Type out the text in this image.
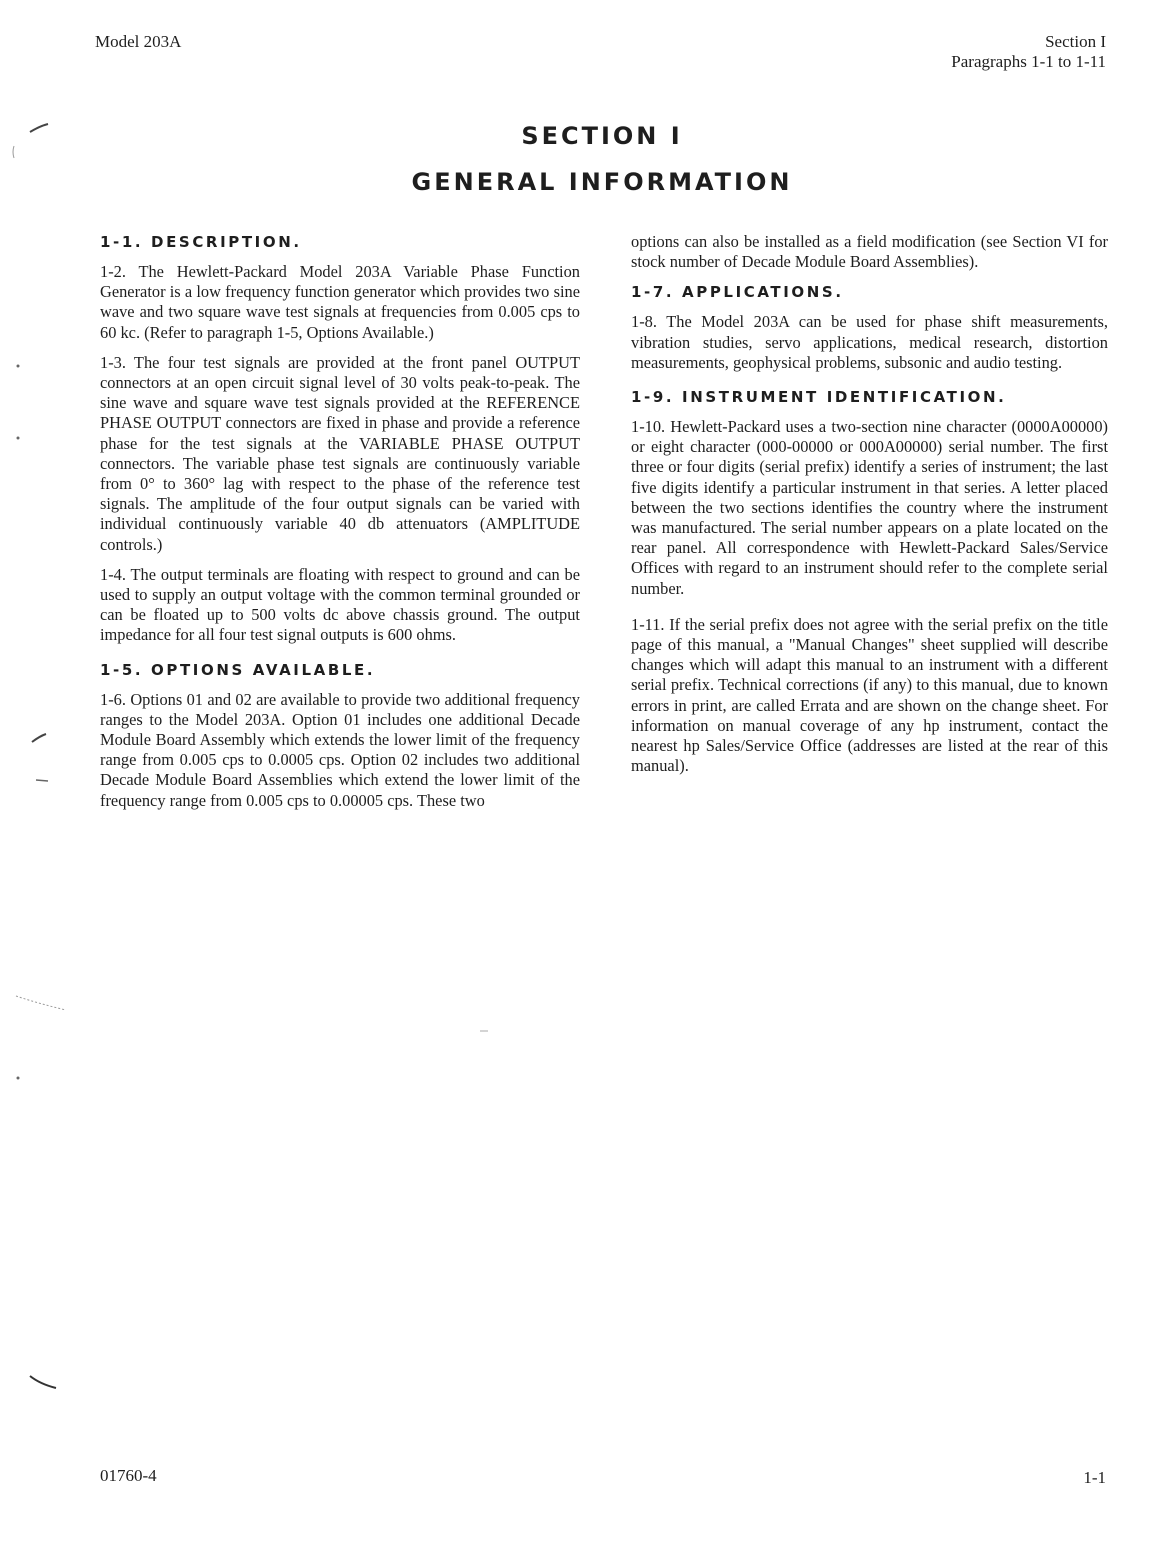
Model 203A	Section I
Paragraphs 1-1 to 1-11
SECTION I
GENERAL INFORMATION
1-1. DESCRIPTION.

1-2. The Hewlett-Packard Model 203A Variable Phase Function Generator is a low frequency function generator which provides two sine wave and two square wave test signals at frequencies from 0.005 cps to 60 kc. (Refer to paragraph 1-5, Options Available.)

1-3. The four test signals are provided at the front panel OUTPUT connectors at an open circuit signal level of 30 volts peak-to-peak. The sine wave and square wave test signals provided at the REFERENCE PHASE OUTPUT connectors are fixed in phase and provide a reference phase for the test signals at the VARIABLE PHASE OUTPUT connectors. The variable phase test signals are continuously variable from 0° to 360° lag with respect to the phase of the reference test signals. The amplitude of the four output signals can be varied with individual continuously variable 40 db attenuators (AMPLITUDE controls.)

1-4. The output terminals are floating with respect to ground and can be used to supply an output voltage with the common terminal grounded or can be floated up to 500 volts dc above chassis ground. The output impedance for all four test signal outputs is 600 ohms.

1-5. OPTIONS AVAILABLE.

1-6. Options 01 and 02 are available to provide two additional frequency ranges to the Model 203A. Option 01 includes one additional Decade Module Board Assembly which extends the lower limit of the frequency range from 0.005 cps to 0.0005 cps. Option 02 includes two additional Decade Module Board Assemblies which extend the lower limit of the frequency range from 0.005 cps to 0.00005 cps. These two

options can also be installed as a field modification (see Section VI for stock number of Decade Module Board Assemblies).

1-7. APPLICATIONS.

1-8. The Model 203A can be used for phase shift measurements, vibration studies, servo applications, medical research, distortion measurements, geophysical problems, subsonic and audio testing.

1-9. INSTRUMENT IDENTIFICATION.

1-10. Hewlett-Packard uses a two-section nine character (0000A00000) or eight character (000-00000 or 000A00000) serial number. The first three or four digits (serial prefix) identify a series of instrument; the last five digits identify a particular instrument in that series. A letter placed between the two sections identifies the country where the instrument was manufactured. The serial number appears on a plate located on the rear panel. All correspondence with Hewlett-Packard Sales/Service Offices with regard to an instrument should refer to the complete serial number.

1-11. If the serial prefix does not agree with the serial prefix on the title page of this manual, a "Manual Changes" sheet supplied will describe changes which will adapt this manual to an instrument with a different serial prefix. Technical corrections (if any) to this manual, due to known errors in print, are called Errata and are shown on the change sheet. For information on manual coverage of any hp instrument, contact the nearest hp Sales/Service Office (addresses are listed at the rear of this manual).

01760-4	1-1
